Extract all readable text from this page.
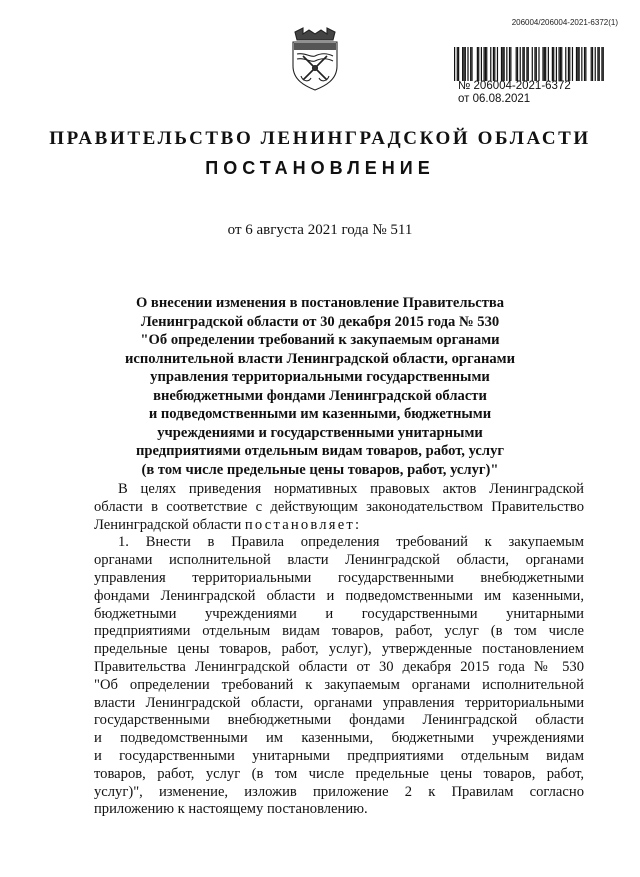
206004/206004-2021-6372(1)
№ 206004-2021-6372
от 06.08.2021
ПРАВИТЕЛЬСТВО ЛЕНИНГРАДСКОЙ ОБЛАСТИ
ПОСТАНОВЛЕНИЕ
от 6 августа 2021 года № 511
О внесении изменения в постановление Правительства
Ленинградской области от 30 декабря 2015 года № 530
"Об определении требований к закупаемым органами
исполнительной власти Ленинградской области, органами
управления территориальными государственными
внебюджетными фондами Ленинградской области
и подведомственными им казенными, бюджетными
учреждениями и государственными унитарными
предприятиями отдельным видам товаров, работ, услуг
(в том числе предельные цены товаров, работ, услуг)"
В целях приведения нормативных правовых актов Ленинградской
области в соответствие с действующим законодательством Правительство
Ленинградской области постановляет:
1. Внести в Правила определения требований к закупаемым
органами исполнительной власти Ленинградской области, органами
управления территориальными государственными внебюджетными
фондами Ленинградской области и подведомственными им казенными,
бюджетными учреждениями и государственными унитарными
предприятиями отдельным видам товаров, работ, услуг (в том числе
предельные цены товаров, работ, услуг), утвержденные постановлением
Правительства Ленинградской области от 30 декабря 2015 года № 530
"Об определении требований к закупаемым органами исполнительной
власти Ленинградской области, органами управления территориальными
государственными внебюджетными фондами Ленинградской области
и подведомственными им казенными, бюджетными учреждениями
и государственными унитарными предприятиями отдельным видам
товаров, работ, услуг (в том числе предельные цены товаров, работ,
услуг)", изменение, изложив приложение 2 к Правилам согласно
приложению к настоящему постановлению.
